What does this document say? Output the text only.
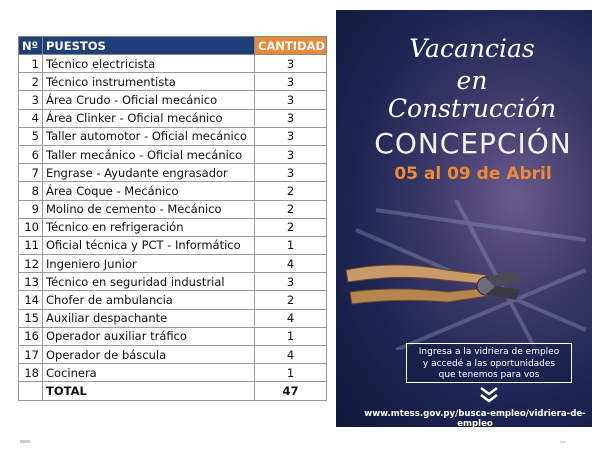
Nº	PUESTOS	CANTIDAD
1	Técnico electricista	3
2	Técnico instrumentista	3
3	Área Crudo - Oficial mecánico	3
4	Área Clinker - Oficial mecánico	3
5	Taller automotor - Oficial mecánico	3
6	Taller mecánico - Oficial mecánico	3
7	Engrase - Ayudante engrasador	3
8	Área Coque - Mecánico	2
9	Molino de cemento - Mecánico	2
10	Técnico en refrigeración	2
11	Oficial técnica y PCT - Informático	1
12	Ingeniero Junior	4
13	Técnico en seguridad industrial	3
14	Chofer de ambulancia	2
15	Auxiliar despachante	4
16	Operador auxiliar tráfico	1
17	Operador de báscula	4
18	Cocinera	1
	TOTAL	47
Vacancias
en
Construcción
CONCEPCIÓN
05 al 09 de Abril
Ingresa a la vidriera de empleo
y accedé a las oportunidades
que tenemos para vos
www.mtess.gov.py/busca-empleo/vidriera-de-empleo
